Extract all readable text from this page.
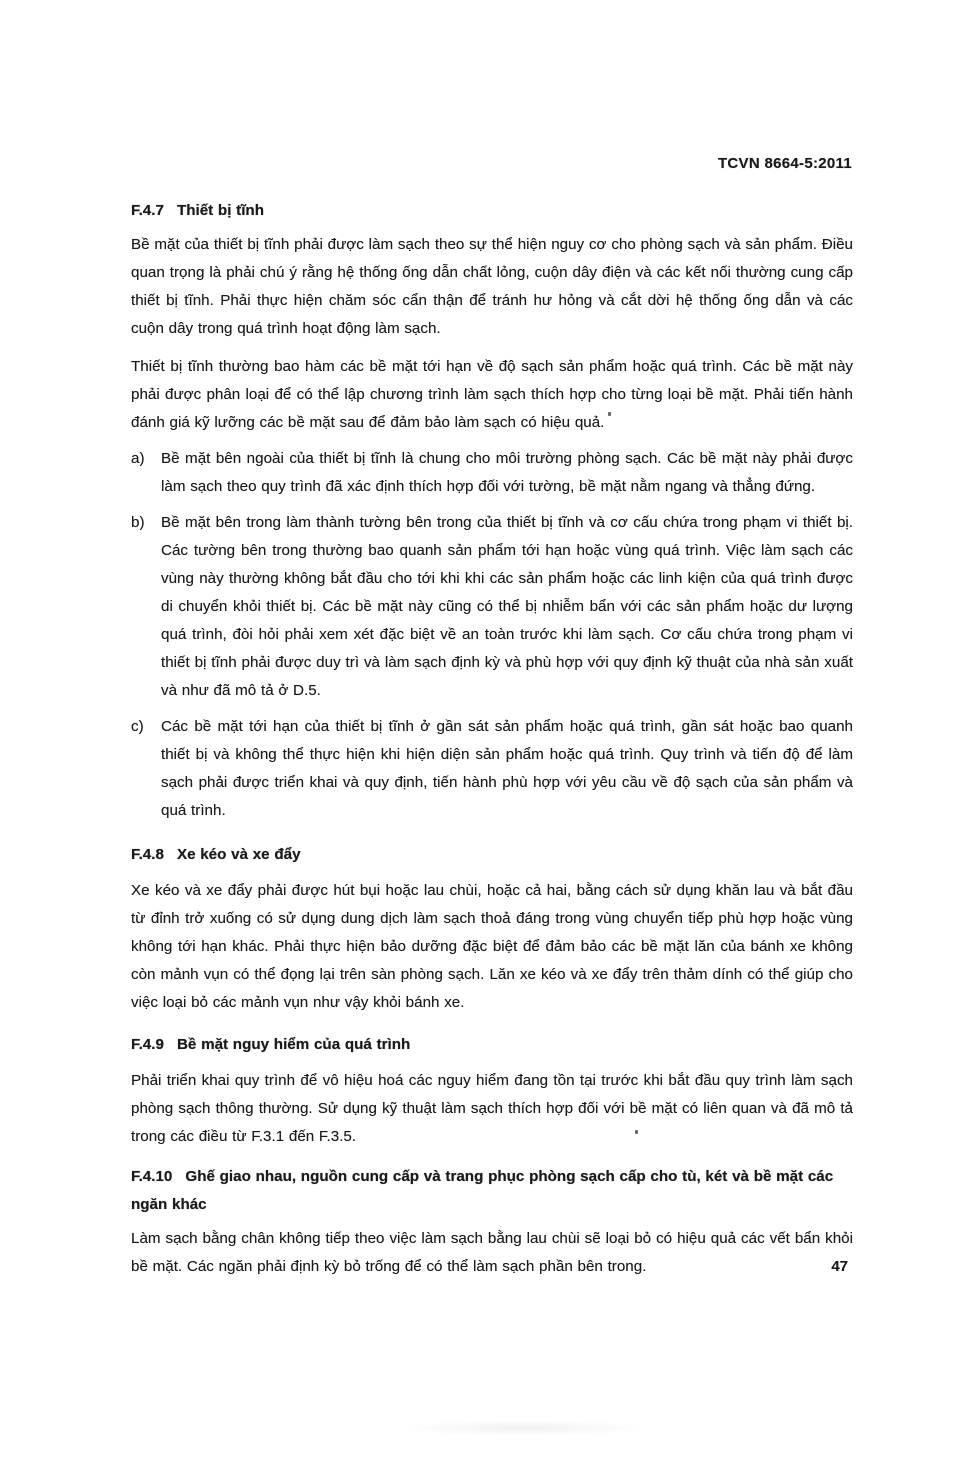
TCVN 8664-5:2011
F.4.7 Thiết bị tĩnh

Bề mặt của thiết bị tĩnh phải được làm sạch theo sự thể hiện nguy cơ cho phòng sạch và sản phẩm. Điều quan trọng là phải chú ý rằng hệ thống ống dẫn chất lỏng, cuộn dây điện và các kết nối thường cung cấp thiết bị tĩnh. Phải thực hiện chăm sóc cẩn thận để tránh hư hỏng và cắt dời hệ thống ống dẫn và các cuộn dây trong quá trình hoạt động làm sạch.

Thiết bị tĩnh thường bao hàm các bề mặt tới hạn về độ sạch sản phẩm hoặc quá trình. Các bề mặt này phải được phân loại để có thể lập chương trình làm sạch thích hợp cho từng loại bề mặt. Phải tiến hành đánh giá kỹ lưỡng các bề mặt sau để đảm bảo làm sạch có hiệu quả.

a)	Bề mặt bên ngoài của thiết bị tĩnh là chung cho môi trường phòng sạch. Các bề mặt này phải được làm sạch theo quy trình đã xác định thích hợp đối với tường, bề mặt nằm ngang và thẳng đứng.
b)	Bề mặt bên trong làm thành tường bên trong của thiết bị tĩnh và cơ cấu chứa trong phạm vi thiết bị. Các tường bên trong thường bao quanh sản phẩm tới hạn hoặc vùng quá trình. Việc làm sạch các vùng này thường không bắt đầu cho tới khi khi các sản phẩm hoặc các linh kiện của quá trình được di chuyển khỏi thiết bị. Các bề mặt này cũng có thể bị nhiễm bẩn với các sản phẩm hoặc dư lượng quá trình, đòi hỏi phải xem xét đặc biệt về an toàn trước khi làm sạch. Cơ cấu chứa trong phạm vi thiết bị tĩnh phải được duy trì và làm sạch định kỳ và phù hợp với quy định kỹ thuật của nhà sản xuất và như đã mô tả ở D.5.
c)	Các bề mặt tới hạn của thiết bị tĩnh ở gần sát sản phẩm hoặc quá trình, gần sát hoặc bao quanh thiết bị và không thể thực hiện khi hiện diện sản phẩm hoặc quá trình. Quy trình và tiến độ để làm sạch phải được triển khai và quy định, tiến hành phù hợp với yêu cầu về độ sạch của sản phẩm và quá trình.
F.4.8 Xe kéo và xe đẩy

Xe kéo và xe đẩy phải được hút bụi hoặc lau chùi, hoặc cả hai, bằng cách sử dụng khăn lau và bắt đầu từ đỉnh trở xuống có sử dụng dung dịch làm sạch thoả đáng trong vùng chuyển tiếp phù hợp hoặc vùng không tới hạn khác. Phải thực hiện bảo dưỡng đặc biệt để đảm bảo các bề mặt lăn của bánh xe không còn mảnh vụn có thể đọng lại trên sàn phòng sạch. Lăn xe kéo và xe đẩy trên thảm dính có thể giúp cho việc loại bỏ các mảnh vụn như vậy khỏi bánh xe.

F.4.9 Bề mặt nguy hiểm của quá trình

Phải triển khai quy trình để vô hiệu hoá các nguy hiểm đang tồn tại trước khi bắt đầu quy trình làm sạch phòng sạch thông thường. Sử dụng kỹ thuật làm sạch thích hợp đối với bề mặt có liên quan và đã mô tả trong các điều từ F.3.1 đến F.3.5.

F.4.10 Ghế giao nhau, nguồn cung cấp và trang phục phòng sạch cấp cho tù, két và bề mặt các ngăn khác

Làm sạch bằng chân không tiếp theo việc làm sạch bằng lau chùi sẽ loại bỏ có hiệu quả các vết bẩn khỏi bề mặt. Các ngăn phải định kỳ bỏ trống để có thể làm sạch phần bên trong.	47
